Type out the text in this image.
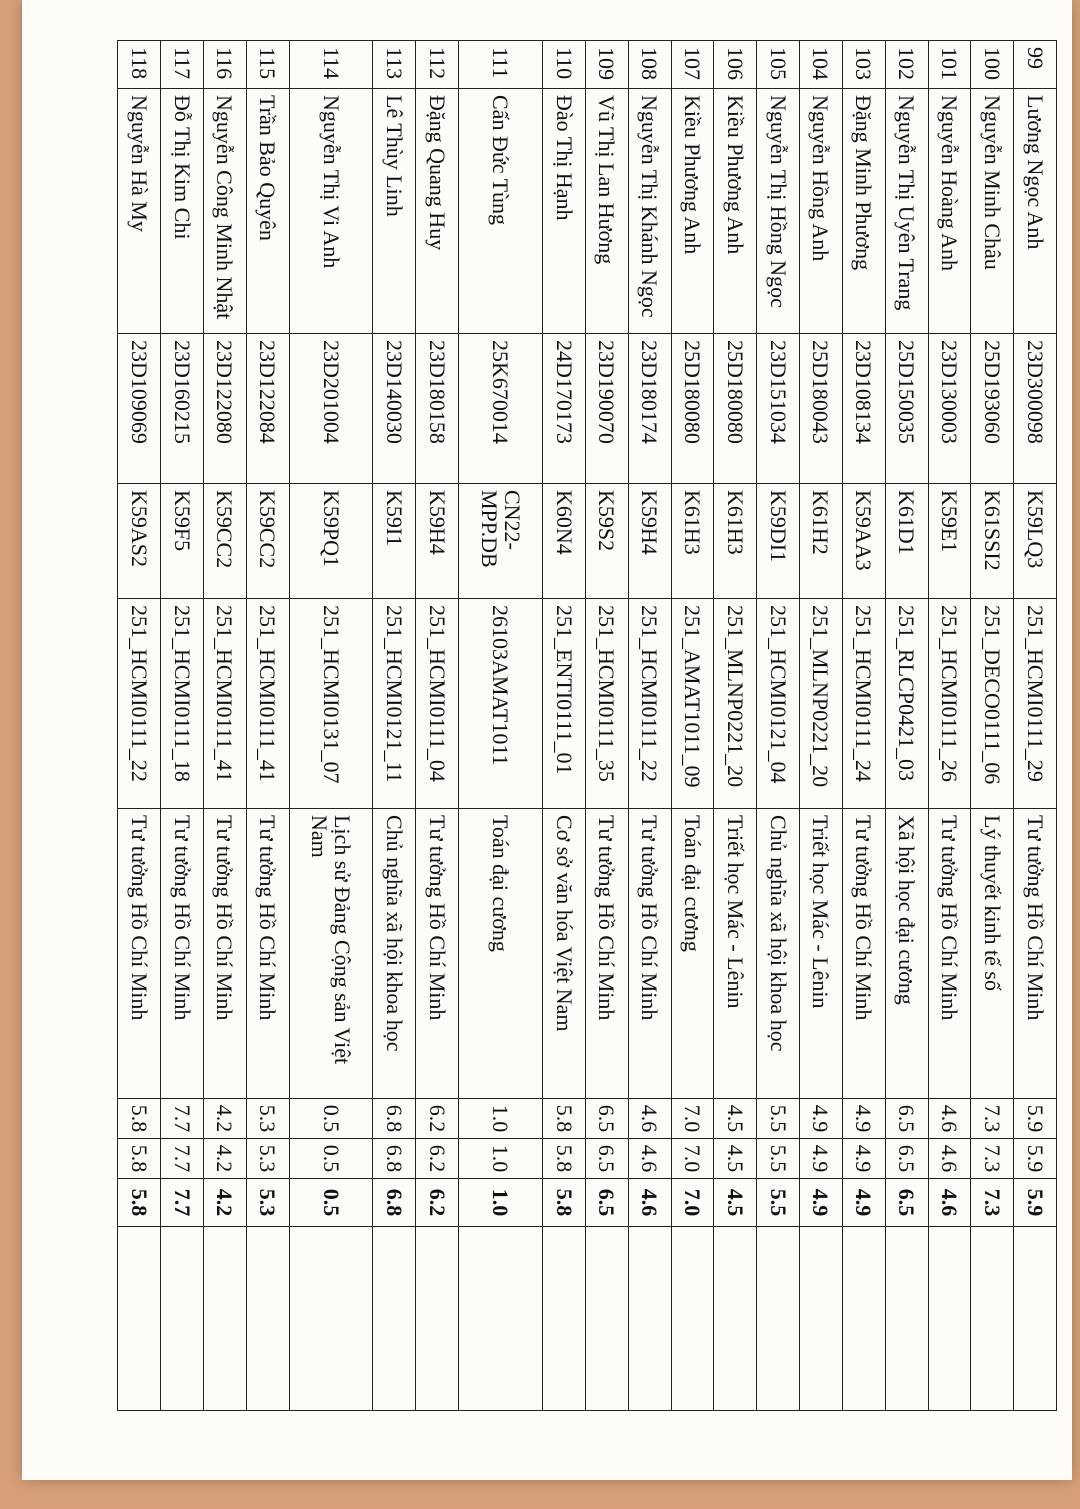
99	Lương Ngọc Anh	23D300098	K59LQ3	251_HCMI0111_29	Tư tưởng Hồ Chí Minh	5.9	5.9	5.9	
100	Nguyễn Minh Châu	25D193060	K61SSI2	251_DECO0111_06	Lý thuyết kinh tế số	7.3	7.3	7.3	
101	Nguyễn Hoàng Anh	23D130003	K59E1	251_HCMI0111_26	Tư tưởng Hồ Chí Minh	4.6	4.6	4.6	
102	Nguyễn Thị Uyên Trang	25D150035	K61D1	251_RLCP0421_03	Xã hội học đại cương	6.5	6.5	6.5	
103	Đặng Minh Phương	23D108134	K59AA3	251_HCMI0111_24	Tư tưởng Hồ Chí Minh	4.9	4.9	4.9	
104	Nguyễn Hồng Anh	25D180043	K61H2	251_MLNP0221_20	Triết học Mác - Lênin	4.9	4.9	4.9	
105	Nguyễn Thị Hồng Ngọc	23D151034	K59DI1	251_HCMI0121_04	Chủ nghĩa xã hội khoa học	5.5	5.5	5.5	
106	Kiều Phương Anh	25D180080	K61H3	251_MLNP0221_20	Triết học Mác - Lênin	4.5	4.5	4.5	
107	Kiều Phương Anh	25D180080	K61H3	251_AMAT1011_09	Toán đại cương	7.0	7.0	7.0	
108	Nguyễn Thị Khánh Ngọc	23D180174	K59H4	251_HCMI0111_22	Tư tưởng Hồ Chí Minh	4.6	4.6	4.6	
109	Vũ Thị Lan Hương	23D190070	K59S2	251_HCMI0111_35	Tư tưởng Hồ Chí Minh	6.5	6.5	6.5	
110	Đào Thị Hạnh	24D170173	K60N4	251_ENTI0111_01	Cơ sở văn hóa Việt Nam	5.8	5.8	5.8	
111	Cấn Đức Tùng	25K670014	CN22-MPP.DB	26103AMAT1011	Toán đại cương	1.0	1.0	1.0	
112	Đặng Quang Huy	23D180158	K59H4	251_HCMI0111_04	Tư tưởng Hồ Chí Minh	6.2	6.2	6.2	
113	Lê Thùy Linh	23D140030	K59I1	251_HCMI0121_11	Chủ nghĩa xã hội khoa học	6.8	6.8	6.8	
114	Nguyễn Thị Vi Anh	23D201004	K59PQ1	251_HCMI0131_07	Lịch sử Đảng Cộng sản Việt Nam	0.5	0.5	0.5	
115	Trần Bảo Quyên	23D122084	K59CC2	251_HCMI0111_41	Tư tưởng Hồ Chí Minh	5.3	5.3	5.3	
116	Nguyễn Công Minh Nhật	23D122080	K59CC2	251_HCMI0111_41	Tư tưởng Hồ Chí Minh	4.2	4.2	4.2	
117	Đỗ Thị Kim Chi	23D160215	K59F5	251_HCMI0111_18	Tư tưởng Hồ Chí Minh	7.7	7.7	7.7	
118	Nguyễn Hà My	23D109069	K59AS2	251_HCMI0111_22	Tư tưởng Hồ Chí Minh	5.8	5.8	5.8	
